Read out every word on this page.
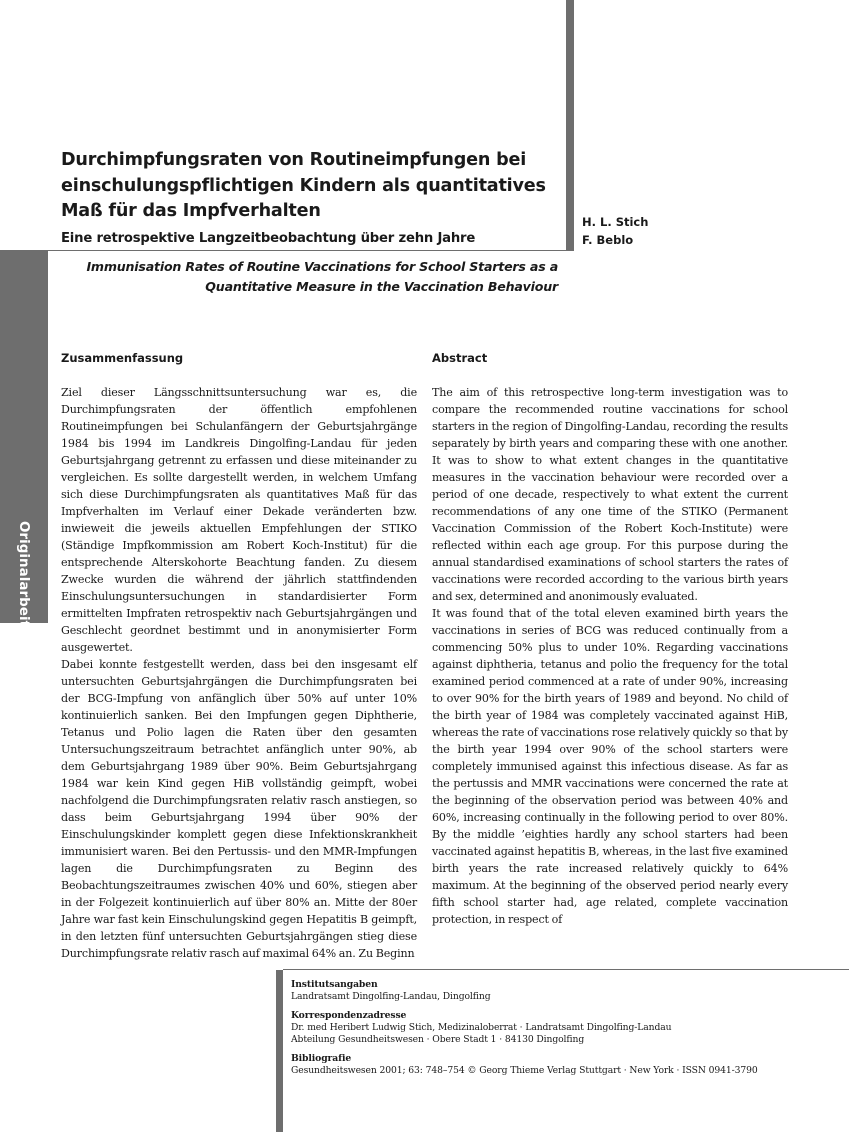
Originalarbeit
748
Durchimpfungsraten von Routineimpfungen bei einschulungspflichtigen Kindern als quantitatives Maß für das Impfverhalten
Eine retrospektive Langzeitbeobachtung über zehn Jahre
H. L. Stich
F. Beblo
Immunisation Rates of Routine Vaccinations for School Starters as a Quantitative Measure in the Vaccination Behaviour
Zusammenfassung

Ziel dieser Längsschnittsuntersuchung war es, die Durchimpfungsraten der öffentlich empfohlenen Routineimpfungen bei Schulanfängern der Geburtsjahrgänge 1984 bis 1994 im Landkreis Dingolfing-Landau für jeden Geburtsjahrgang getrennt zu erfassen und diese miteinander zu vergleichen. Es sollte dargestellt werden, in welchem Umfang sich diese Durchimpfungsraten als quantitatives Maß für das Impfverhalten im Verlauf einer Dekade veränderten bzw. inwieweit die jeweils aktuellen Empfehlungen der STIKO (Ständige Impfkommission am Robert Koch-Institut) für die entsprechende Alterskohorte Beachtung fanden. Zu diesem Zwecke wurden die während der jährlich stattfindenden Einschulungsuntersuchungen in standardisierter Form ermittelten Impfraten retrospektiv nach Geburtsjahrgängen und Geschlecht geordnet bestimmt und in anonymisierter Form ausgewertet.

Dabei konnte festgestellt werden, dass bei den insgesamt elf untersuchten Geburtsjahrgängen die Durchimpfungsraten bei der BCG-Impfung von anfänglich über 50% auf unter 10% kontinuierlich sanken. Bei den Impfungen gegen Diphtherie, Tetanus und Polio lagen die Raten über den gesamten Untersuchungszeitraum betrachtet anfänglich unter 90%, ab dem Geburtsjahrgang 1989 über 90%. Beim Geburtsjahrgang 1984 war kein Kind gegen HiB vollständig geimpft, wobei nachfolgend die Durchimpfungsraten relativ rasch anstiegen, so dass beim Geburtsjahrgang 1994 über 90% der Einschulungskinder komplett gegen diese Infektionskrankheit immunisiert waren. Bei den Pertussis- und den MMR-Impfungen lagen die Durchimpfungsraten zu Beginn des Beobachtungszeitraumes zwischen 40% und 60%, stiegen aber in der Folgezeit kontinuierlich auf über 80% an. Mitte der 80er Jahre war fast kein Einschulungskind gegen Hepatitis B geimpft, in den letzten fünf untersuchten Geburtsjahrgängen stieg diese Durchimpfungsrate relativ rasch auf maximal 64% an. Zu Beginn

Abstract

The aim of this retrospective long-term investigation was to compare the recommended routine vaccinations for school starters in the region of Dingolfing-Landau, recording the results separately by birth years and comparing these with one another. It was to show to what extent changes in the quantitative measures in the vaccination behaviour were recorded over a period of one decade, respectively to what extent the current recommendations of any one time of the STIKO (Permanent Vaccination Commission of the Robert Koch-Institute) were reflected within each age group. For this purpose during the annual standardised examinations of school starters the rates of vaccinations were recorded according to the various birth years and sex, determined and anonimously evaluated.

It was found that of the total eleven examined birth years the vaccinations in series of BCG was reduced continually from a commencing 50% plus to under 10%. Regarding vaccinations against diphtheria, tetanus and polio the frequency for the total examined period commenced at a rate of under 90%, increasing to over 90% for the birth years of 1989 and beyond. No child of the birth year of 1984 was completely vaccinated against HiB, whereas the rate of vaccinations rose relatively quickly so that by the birth year 1994 over 90% of the school starters were completely immunised against this infectious disease. As far as the pertussis and MMR vaccinations were concerned the rate at the beginning of the observation period was between 40% and 60%, increasing continually in the following period to over 80%. By the middle ’eighties hardly any school starters had been vaccinated against hepatitis B, whereas, in the last five examined birth years the rate increased relatively quickly to 64% maximum. At the beginning of the observed period nearly every fifth school starter had, age related, complete vaccination protection, in respect of

Institutsangaben
Landratsamt Dingolfing-Landau, Dingolfing
Korrespondenzadresse
Dr. med Heribert Ludwig Stich, Medizinaloberrat · Landratsamt Dingolfing-Landau
Abteilung Gesundheitswesen · Obere Stadt 1 · 84130 Dingolfing
Bibliografie
Gesundheitswesen 2001; 63: 748–754 © Georg Thieme Verlag Stuttgart · New York · ISSN 0941-3790
